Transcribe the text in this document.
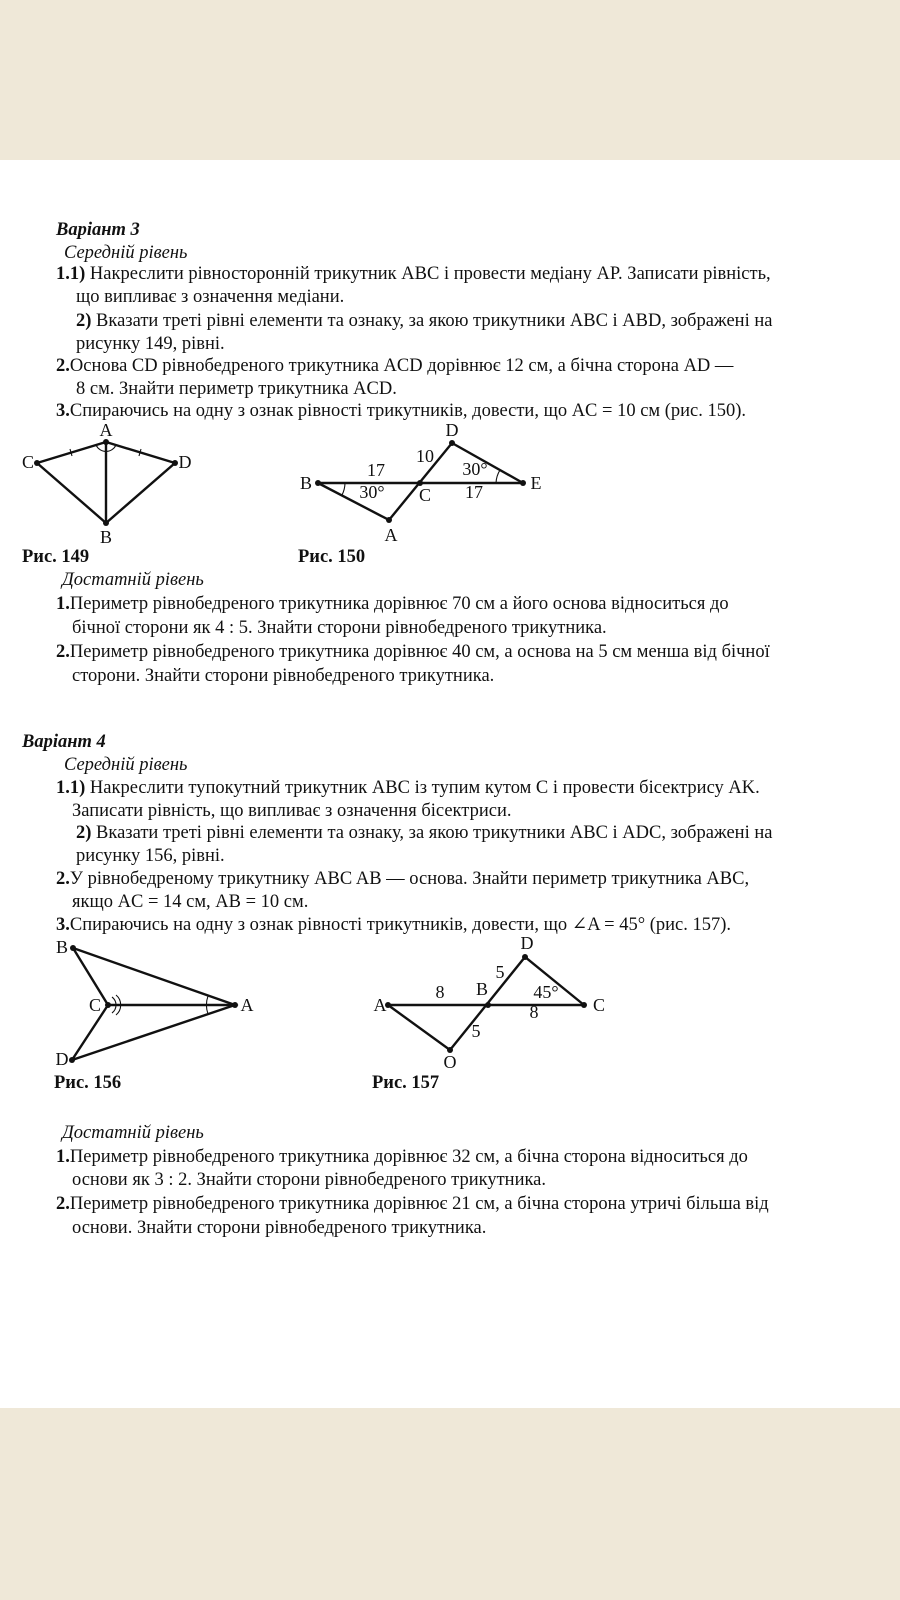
Варіант 3
Середній рівень
1.1) Накреслити рівносторонній трикутник ABC і провести медіану AP. Записати рівність,
що випливає з означення медіани.
2) Вказати треті рівні елементи та ознаку, за якою трикутники ABC і ABD, зображені на
рисунку 149, рівні.
2.Основа CD рівнобедреного трикутника ACD дорівнює 12 см, а бічна сторона AD —
8 см. Знайти периметр трикутника ACD.
3.Спираючись на одну з ознак рівності трикутників, довести, що AC = 10 см (рис. 150).
Рис. 149	Рис. 150
Достатній рівень
1.Периметр рівнобедреного трикутника дорівнює 70 см а його основа відноситься до
бічної сторони як 4 : 5. Знайти сторони рівнобедреного трикутника.
2.Периметр рівнобедреного трикутника дорівнює 40 см, а основа на 5 см менша від бічної
сторони. Знайти сторони рівнобедреного трикутника.
Варіант 4
Середній рівень
1.1) Накреслити тупокутний трикутник ABC із тупим кутом C і провести бісектрису AK.
Записати рівність, що випливає з означення бісектриси.
2) Вказати треті рівні елементи та ознаку, за якою трикутники ABC і ADC, зображені на
рисунку 156, рівні.
2.У рівнобедреному трикутнику ABC AB — основа. Знайти периметр трикутника ABC,
якщо AC = 14 см, AB = 10 см.
3.Спираючись на одну з ознак рівності трикутників, довести, що ∠A = 45° (рис. 157).
Рис. 156	Рис. 157
Достатній рівень
1.Периметр рівнобедреного трикутника дорівнює 32 см, а бічна сторона відноситься до
основи як 3 : 2. Знайти сторони рівнобедреного трикутника.
2.Периметр рівнобедреного трикутника дорівнює 21 см, а бічна сторона утричі більша від
основи. Знайти сторони рівнобедреного трикутника.
A
C	D
B
B
C
E
D
A
17
30°
10
30°
17
B
C	A
D
A
B
C
D
O
8
5
45°
8
5
